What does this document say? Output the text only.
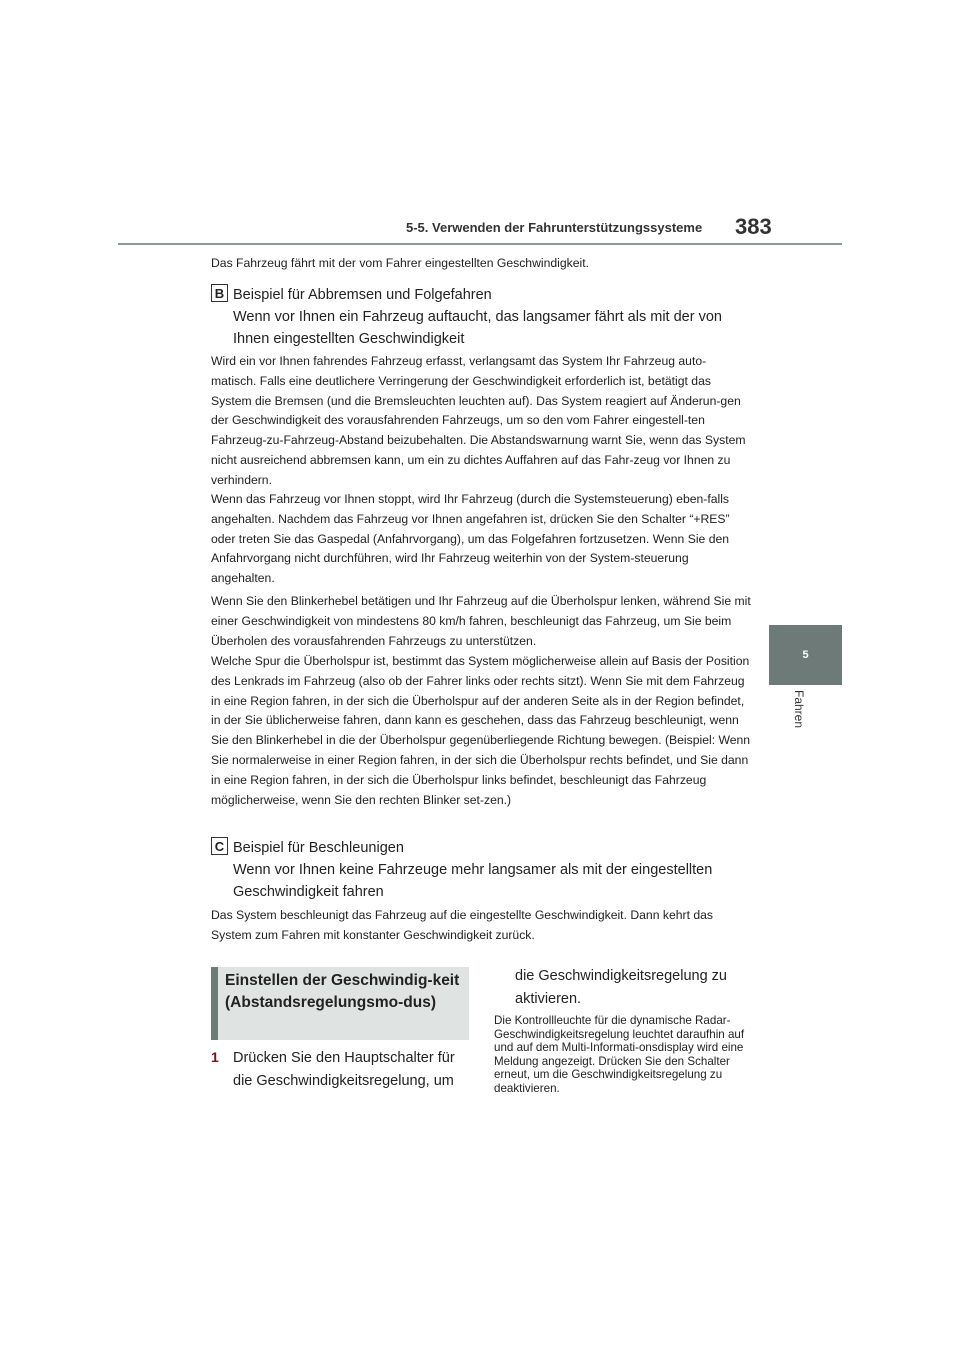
5-5. Verwenden der Fahrunterstützungssysteme 383
5
Fahren
Das Fahrzeug fährt mit der vom Fahrer eingestellten Geschwindigkeit.
B Beispiel für Abbremsen und Folgefahren
Wenn vor Ihnen ein Fahrzeug auftaucht, das langsamer fährt als mit der von Ihnen eingestellten Geschwindigkeit
Wird ein vor Ihnen fahrendes Fahrzeug erfasst, verlangsamt das System Ihr Fahrzeug auto-matisch. Falls eine deutlichere Verringerung der Geschwindigkeit erforderlich ist, betätigt das System die Bremsen (und die Bremsleuchten leuchten auf). Das System reagiert auf Änderun-gen der Geschwindigkeit des vorausfahrenden Fahrzeugs, um so den vom Fahrer eingestell-ten Fahrzeug-zu-Fahrzeug-Abstand beizubehalten. Die Abstandswarnung warnt Sie, wenn das System nicht ausreichend abbremsen kann, um ein zu dichtes Auffahren auf das Fahr-zeug vor Ihnen zu verhindern.
Wenn das Fahrzeug vor Ihnen stoppt, wird Ihr Fahrzeug (durch die Systemsteuerung) eben-falls angehalten. Nachdem das Fahrzeug vor Ihnen angefahren ist, drücken Sie den Schalter “+RES” oder treten Sie das Gaspedal (Anfahrvorgang), um das Folgefahren fortzusetzen. Wenn Sie den Anfahrvorgang nicht durchführen, wird Ihr Fahrzeug weiterhin von der System-steuerung angehalten.
Wenn Sie den Blinkerhebel betätigen und Ihr Fahrzeug auf die Überholspur lenken, während Sie mit einer Geschwindigkeit von mindestens 80 km/h fahren, beschleunigt das Fahrzeug, um Sie beim Überholen des vorausfahrenden Fahrzeugs zu unterstützen.
Welche Spur die Überholspur ist, bestimmt das System möglicherweise allein auf Basis der Position des Lenkrads im Fahrzeug (also ob der Fahrer links oder rechts sitzt). Wenn Sie mit dem Fahrzeug in eine Region fahren, in der sich die Überholspur auf der anderen Seite als in der Region befindet, in der Sie üblicherweise fahren, dann kann es geschehen, dass das Fahrzeug beschleunigt, wenn Sie den Blinkerhebel in die der Überholspur gegenüberliegende Richtung bewegen. (Beispiel: Wenn Sie normalerweise in einer Region fahren, in der sich die Überholspur rechts befindet, und Sie dann in eine Region fahren, in der sich die Überholspur links befindet, beschleunigt das Fahrzeug möglicherweise, wenn Sie den rechten Blinker set-zen.)
C Beispiel für Beschleunigen
Wenn vor Ihnen keine Fahrzeuge mehr langsamer als mit der eingestellten Geschwindigkeit fahren
Das System beschleunigt das Fahrzeug auf die eingestellte Geschwindigkeit. Dann kehrt das System zum Fahren mit konstanter Geschwindigkeit zurück.
Einstellen der Geschwindig-keit (Abstandsregelungsmo-dus)
1 Drücken Sie den Hauptschalter für die Geschwindigkeitsregelung, um
die Geschwindigkeitsregelung zu aktivieren.
Die Kontrollleuchte für die dynamische Radar-Geschwindigkeitsregelung leuchtet daraufhin auf und auf dem Multi-Informati-onsdisplay wird eine Meldung angezeigt. Drücken Sie den Schalter erneut, um die Geschwindigkeitsregelung zu deaktivieren.
